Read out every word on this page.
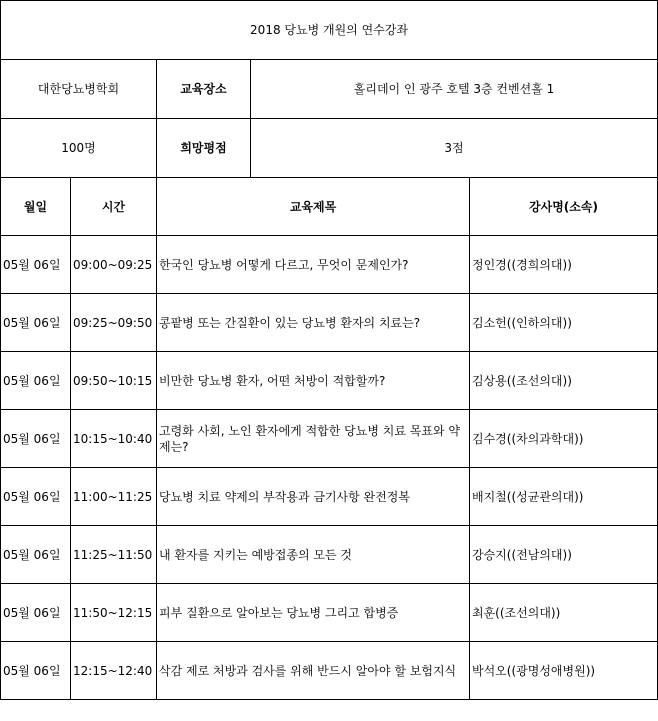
2018 당뇨병 개원의 연수강좌				
대한당뇨병학회		교육장소	홀리데이 인 광주 호텔 3층 컨벤션홀 1	
100명		희망평점	3점	
월일	시간	교육제목		강사명(소속)
05월 06일	09:00~09:25	한국인 당뇨병 어떻게 다르고, 무엇이 문제인가?		정인경((경희의대))
05월 06일	09:25~09:50	콩팥병 또는 간질환이 있는 당뇨병 환자의 치료는?		김소헌((인하의대))
05월 06일	09:50~10:15	비만한 당뇨병 환자, 어떤 처방이 적합할까?		김상용((조선의대))
05월 06일	10:15~10:40	고령화 사회, 노인 환자에게 적합한 당뇨병 치료 목표와 약제는?		김수경((차의과학대))
05월 06일	11:00~11:25	당뇨병 치료 약제의 부작용과 금기사항 완전정복		배지철((성균관의대))
05월 06일	11:25~11:50	내 환자를 지키는 예방접종의 모든 것		강승지((전남의대))
05월 06일	11:50~12:15	피부 질환으로 알아보는 당뇨병 그리고 합병증		최훈((조선의대))
05월 06일	12:15~12:40	삭감 제로 처방과 검사를 위해 반드시 알아야 할 보험지식		박석오((광명성애병원))
